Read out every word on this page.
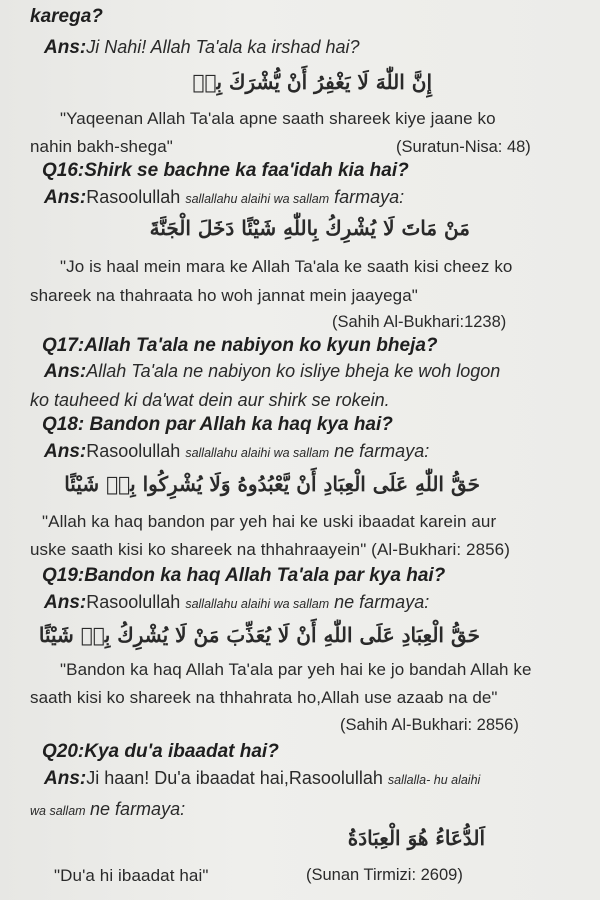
karega?
Ans:Ji Nahi! Allah Ta'ala ka irshad hai?
إِنَّ اللّٰهَ لَا يَغْفِرُ أَنْ يُّشْرَكَ بِهٖ
"Yaqeenan Allah Ta'ala apne saath shareek kiye jaane ko
nahin bakh-shega"	(Suratun-Nisa: 48)
Q16:Shirk se bachne ka faa'idah kia hai?
Ans:Rasoolullah sallallahu alaihi wa sallam farmaya:
مَنْ مَاتَ لَا يُشْرِكُ بِاللّٰهِ شَيْئًا دَخَلَ الْجَنَّةَ
"Jo is haal mein mara ke Allah Ta'ala ke saath kisi cheez ko
shareek na thahraata ho woh jannat mein jaayega"
(Sahih Al-Bukhari:1238)
Q17:Allah Ta'ala ne nabiyon ko kyun bheja?
Ans:Allah Ta'ala ne nabiyon ko isliye bheja ke woh logon
ko tauheed ki da'wat dein aur shirk se rokein.
Q18: Bandon par Allah ka haq kya hai?
Ans:Rasoolullah sallallahu alaihi wa sallam ne farmaya:
حَقُّ اللّٰهِ عَلَى الْعِبَادِ أَنْ يَّعْبُدُوهُ وَلَا يُشْرِكُوا بِهٖ شَيْئًا
"Allah ka haq bandon par yeh hai ke uski ibaadat karein aur
uske saath kisi ko shareek na thhahraayein" (Al-Bukhari: 2856)
Q19:Bandon ka haq Allah Ta'ala par kya hai?
Ans:Rasoolullah sallallahu alaihi wa sallam ne farmaya:
حَقُّ الْعِبَادِ عَلَى اللّٰهِ أَنْ لَا يُعَذِّبَ مَنْ لَا يُشْرِكُ بِهٖ شَيْئًا
"Bandon ka haq Allah Ta'ala par yeh hai ke jo bandah Allah ke
saath kisi ko shareek na thhahrata ho,Allah use azaab na de"
(Sahih Al-Bukhari: 2856)
Q20:Kya du'a ibaadat hai?
Ans:Ji haan! Du'a ibaadat hai,Rasoolullah sallalla- hu alaihi
wa sallam ne farmaya:
اَلدُّعَاءُ هُوَ الْعِبَادَةُ
"Du'a hi ibaadat hai"	(Sunan Tirmizi: 2609)
